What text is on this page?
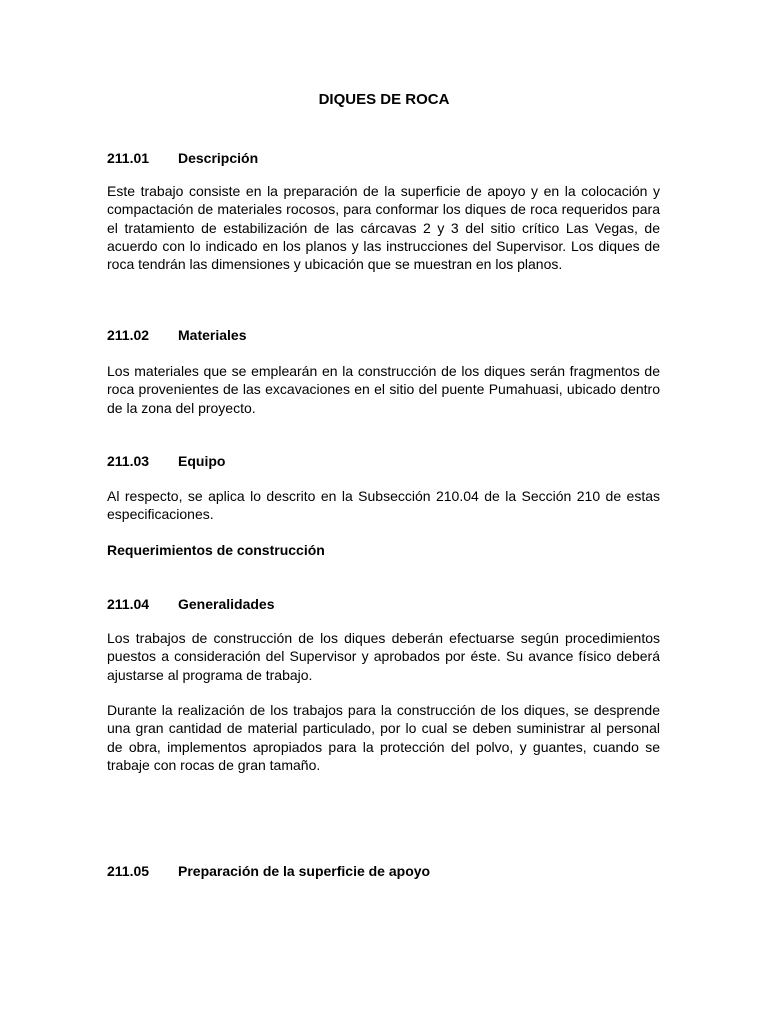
DIQUES DE ROCA
211.01 Descripción
Este trabajo consiste en la preparación de la superficie de apoyo y en la colocación y compactación de materiales rocosos, para conformar los diques de roca requeridos para el tratamiento de estabilización de las cárcavas 2 y 3 del sitio crítico Las Vegas, de acuerdo con lo indicado en los planos y las instrucciones del Supervisor. Los diques de roca tendrán las dimensiones y ubicación que se muestran en los planos.
211.02 Materiales
Los materiales que se emplearán en la construcción de los diques serán fragmentos de roca provenientes de las excavaciones en el sitio del puente Pumahuasi, ubicado dentro de la zona del proyecto.
211.03 Equipo
Al respecto, se aplica lo descrito en la Subsección 210.04 de la Sección 210 de estas especificaciones.
Requerimientos de construcción
211.04 Generalidades
Los trabajos de construcción de los diques deberán efectuarse según procedimientos puestos a consideración del Supervisor y aprobados por éste. Su avance físico deberá ajustarse al programa de trabajo.
Durante la realización de los trabajos para la construcción de los diques, se desprende una gran cantidad de material particulado, por lo cual se deben suministrar al personal de obra, implementos apropiados para la protección del polvo, y guantes, cuando se trabaje con rocas de gran tamaño.
211.05 Preparación de la superficie de apoyo
